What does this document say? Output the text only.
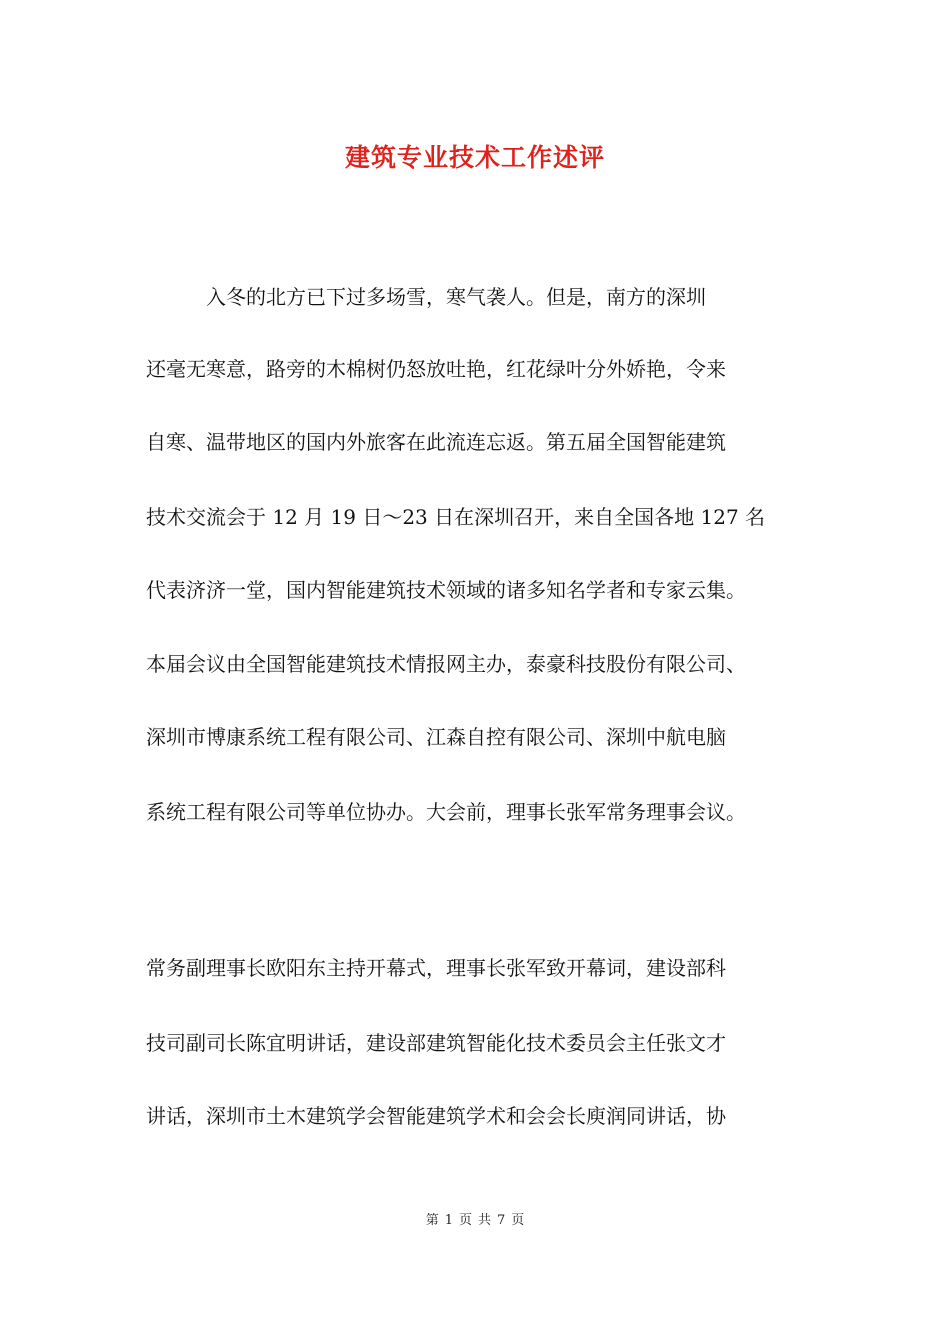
建筑专业技术工作述评
　　　入冬的北方已下过多场雪，寒气袭人。但是，南方的深圳
还毫无寒意，路旁的木棉树仍怒放吐艳，红花绿叶分外娇艳，令来
自寒、温带地区的国内外旅客在此流连忘返。第五届全国智能建筑
技术交流会于 12 月 19 日～23 日在深圳召开，来自全国各地 127 名
代表济济一堂，国内智能建筑技术领域的诸多知名学者和专家云集。
本届会议由全国智能建筑技术情报网主办，泰豪科技股份有限公司、
深圳市博康系统工程有限公司、江森自控有限公司、深圳中航电脑
系统工程有限公司等单位协办。大会前，理事长张军常务理事会议。
常务副理事长欧阳东主持开幕式，理事长张军致开幕词，建设部科
技司副司长陈宜明讲话，建设部建筑智能化技术委员会主任张文才
讲话，深圳市土木建筑学会智能建筑学术和会会长庾润同讲话，协
第 1 页 共 7 页
